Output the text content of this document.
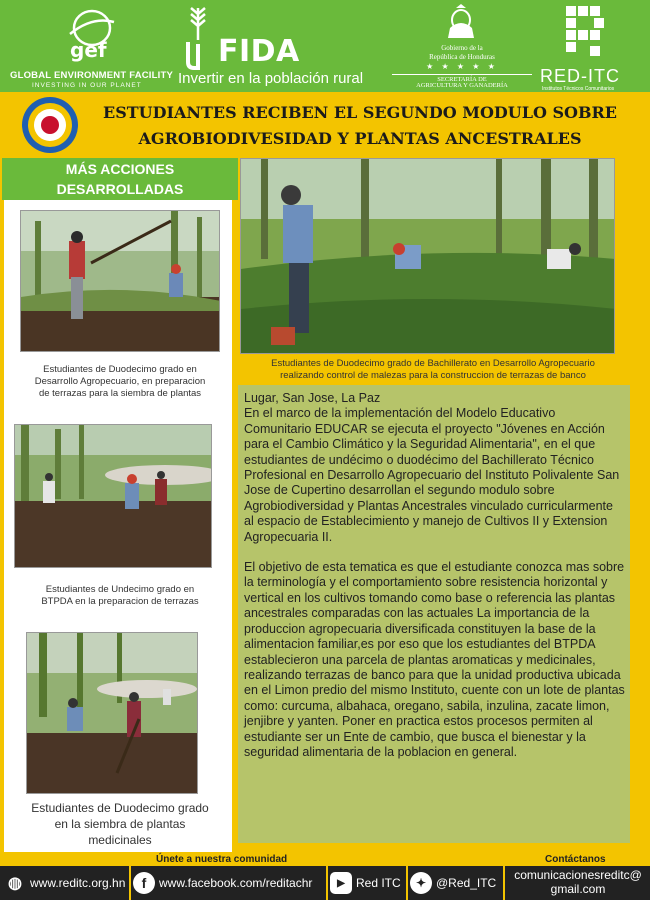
gef
GLOBAL ENVIRONMENT FACILITY
INVESTING IN OUR PLANET
FIDA
Invertir en la población rural
Gobierno de la
República de Honduras
★ ★ ★ ★ ★
SECRETARÍA DE
AGRICULTURA Y GANADERÍA	RED-ITC
Institutos Técnicos Comunitarios
ESTUDIANTES RECIBEN EL SEGUNDO MODULO SOBRE
AGROBIODIVESIDAD Y PLANTAS ANCESTRALES
MÁS ACCIONES
DESARROLLADAS
Estudiantes de Duodecimo grado en Desarrollo Agropecuario, en preparacion de terrazas para la siembra de plantas
Estudiantes de Undecimo grado en BTPDA en la preparacion de terrazas
Estudiantes de Duodecimo grado en la siembra de plantas medicinales
Estudiantes de Duodecimo grado de Bachillerato en Desarrollo Agropecuario
realizando control de malezas para la construccion de terrazas de banco

Lugar, San Jose, La Paz
En el marco de la implementación del Modelo Educativo Comunitario EDUCAR se ejecuta el proyecto "Jóvenes en Acción para el Cambio Climático y la Seguridad Alimentaria", en el que estudiantes de undécimo o duodécimo del Bachillerato Técnico Profesional en Desarrollo Agropecuario del Instituto Polivalente San Jose de Cupertino desarrollan el segundo modulo sobre Agrobiodiversidad y Plantas Ancestrales vinculado curricularmente al espacio de Establecimiento y manejo de Cultivos II y Extension Agropecuaria II.

El objetivo de esta tematica es que el estudiante conozca mas sobre la terminología y el comportamiento sobre resistencia horizontal y vertical en los cultivos tomando como base o referencia las plantas ancestrales comparadas con las actuales La importancia de la produccion agropecuaria diversificada constituyen la base de la alimentacion familiar,es por eso que los estudiantes del BTPDA establecieron una parcela de plantas aromaticas y medicinales, realizando terrazas de banco para que la unidad productiva ubicada en el Limon predio del mismo Instituto, cuente con un lote de plantas como: curcuma, albahaca, oregano, sabila, inzulina, zacate limon, jenjibre y yanten. Poner en practica estos procesos permiten al estudiante ser un Ente de cambio, que busca el bienestar y la seguridad alimentaria de la poblacion en general.

Únete a nuestra comunidad	Contáctanos
◍ www.reditc.org.hn	f	www.facebook.com/reditachr	▶ Red ITC	✦ @Red_ITC
comunicacionesreditc@
gmail.com
